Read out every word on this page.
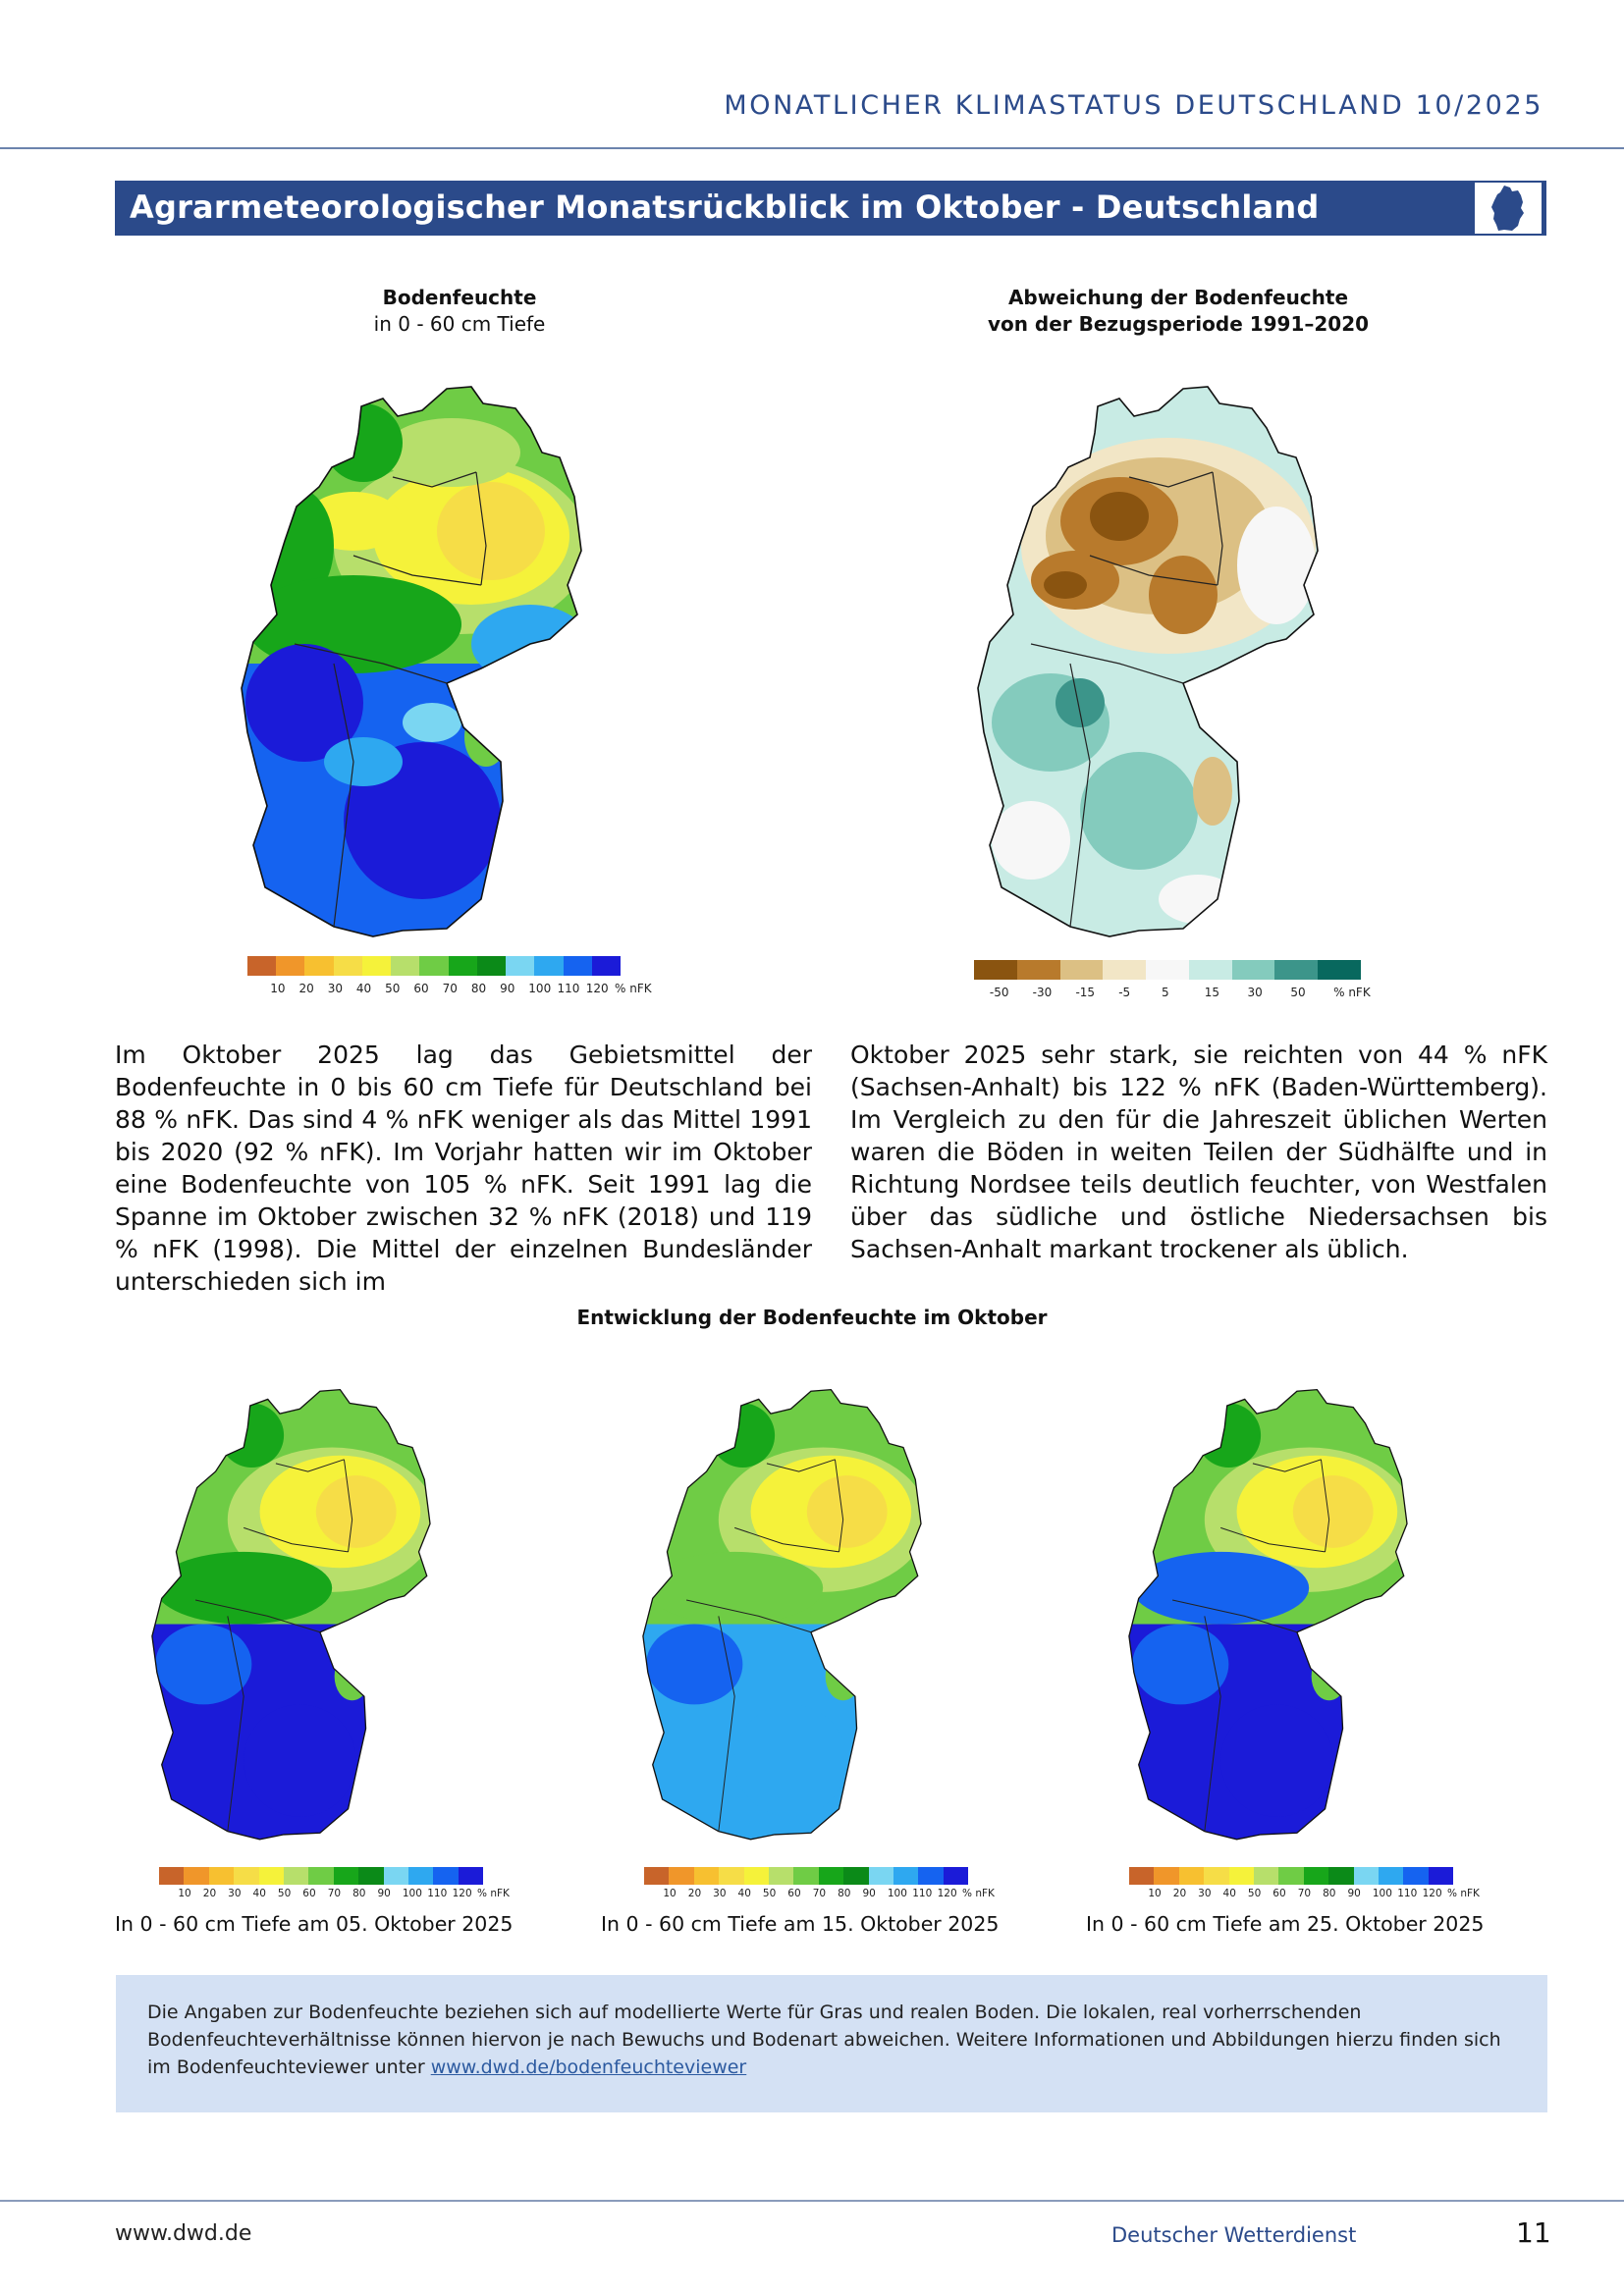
MONATLICHER KLIMASTATUS DEUTSCHLAND 10/2025
Agrarmeteorologischer Monatsrückblick im Oktober - Deutschland
Bodenfeuchte
in 0 - 60 cm Tiefe
10 20 30 40 50 60 70 80 90 100 110 120 % nFK
Abweichung der Bodenfeuchte
von der Bezugsperiode 1991–2020
-50 -30 -15 -5	5	15 30 50 % nFK
Im Oktober 2025 lag das Gebietsmittel der Bodenfeuchte in 0 bis 60 cm Tiefe für Deutschland bei 88 % nFK. Das sind 4 % nFK weniger als das Mittel 1991 bis 2020 (92 % nFK). Im Vorjahr hatten wir im Oktober eine Bodenfeuchte von 105 % nFK. Seit 1991 lag die Spanne im Oktober zwischen 32 % nFK (2018) und 119 % nFK (1998). Die Mittel der einzelnen Bundesländer unterschieden sich im
Oktober 2025 sehr stark, sie reichten von 44 % nFK (Sachsen-Anhalt) bis 122 % nFK (Baden-Württemberg). Im Vergleich zu den für die Jahreszeit üblichen Werten waren die Böden in weiten Teilen der Südhälfte und in Richtung Nordsee teils deutlich feuchter, von Westfalen über das südliche und östliche Niedersachsen bis Sachsen-Anhalt markant trockener als üblich.
Entwicklung der Bodenfeuchte im Oktober
10 20 30 40 50 60 70 80 90 100 110 120 % nFK	10 20 30 40 50 60 70 80 90 100 110 120 % nFK	10 20 30 40 50 60 70 80 90 100 110 120 % nFK
In 0 - 60 cm Tiefe am 05. Oktober 2025	In 0 - 60 cm Tiefe am 15. Oktober 2025	In 0 - 60 cm Tiefe am 25. Oktober 2025
Die Angaben zur Bodenfeuchte beziehen sich auf modellierte Werte für Gras und realen Boden. Die lokalen, real vorherrschenden Bodenfeuchteverhältnisse können hiervon je nach Bewuchs und Bodenart abweichen. Weitere Informationen und Abbildungen hierzu finden sich im Bodenfeuchteviewer unter www.dwd.de/bodenfeuchteviewer
www.dwd.de	Deutscher Wetterdienst	11
